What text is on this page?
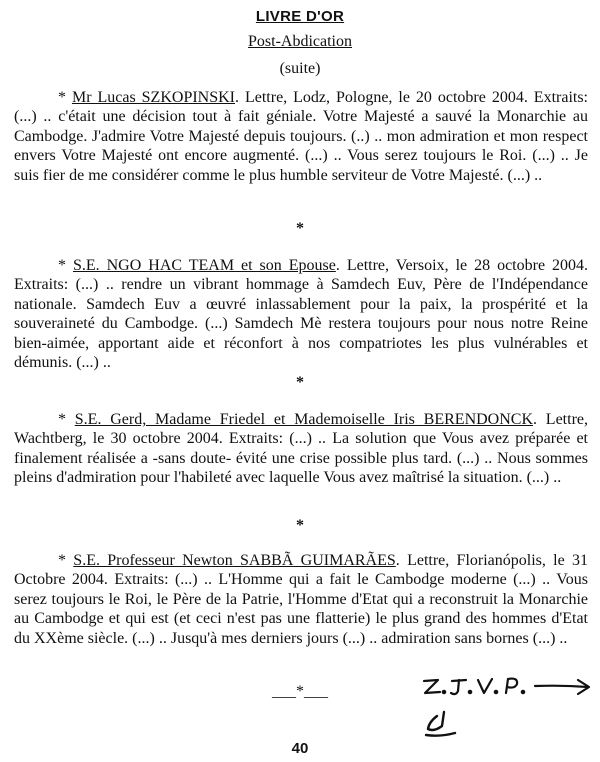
LIVRE D'OR
Post-Abdication
(suite)

* Mr Lucas SZKOPINSKI. Lettre, Lodz, Pologne, le 20 octobre 2004. Extraits: (...) .. c'était une décision tout à fait géniale. Votre Majesté a sauvé la Monarchie au Cambodge. J'admire Votre Majesté depuis toujours. (..) .. mon admiration et mon respect envers Votre Majesté ont encore augmenté. (...) .. Vous serez toujours le Roi. (...) .. Je suis fier de me considérer comme le plus humble serviteur de Votre Majesté. (...) ..

*

* S.E. NGO HAC TEAM et son Epouse. Lettre, Versoix, le 28 octobre 2004. Extraits: (...) .. rendre un vibrant hommage à Samdech Euv, Père de l'Indépendance nationale. Samdech Euv a œuvré inlassablement pour la paix, la prospérité et la souveraineté du Cambodge. (...) Samdech Mè restera toujours pour nous notre Reine bien-aimée, apportant aide et réconfort à nos compatriotes les plus vulnérables et démunis. (...) ..

*

* S.E. Gerd, Madame Friedel et Mademoiselle Iris BERENDONCK. Lettre, Wachtberg, le 30 octobre 2004. Extraits: (...) .. La solution que Vous avez préparée et finalement réalisée a -sans doute- évité une crise possible plus tard. (...) .. Nous sommes pleins d'admiration pour l'habileté avec laquelle Vous avez maîtrisé la situation. (...) ..

*

* S.E. Professeur Newton SABBÃ GUIMARÃES. Lettre, Florianópolis, le 31 Octobre 2004. Extraits: (...) .. L'Homme qui a fait le Cambodge moderne (...) .. Vous serez toujours le Roi, le Père de la Patrie, l'Homme d'Etat qui a reconstruit la Monarchie au Cambodge et qui est (et ceci n'est pas une flatterie) le plus grand des hommes d'Etat du XXème siècle. (...) .. Jusqu'à mes derniers jours (...) .. admiration sans bornes (...) ..

___*___
40
